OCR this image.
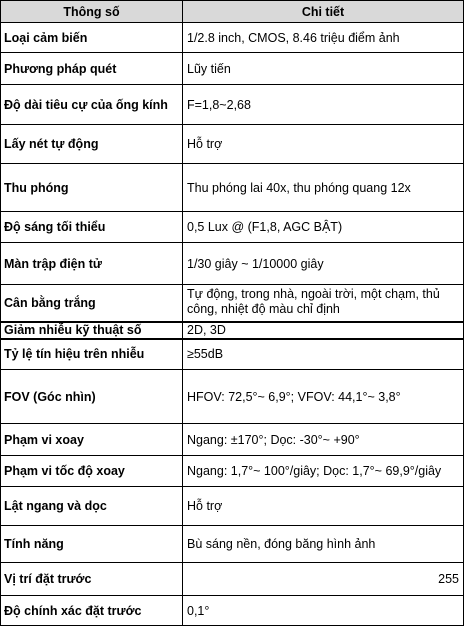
Thông số	Chi tiết
Loại cảm biến	1/2.8 inch, CMOS, 8.46 triệu điểm ảnh
Phương pháp quét	Lũy tiến
Độ dài tiêu cự của ống kính	F=1,8~2,68
Lấy nét tự động	Hỗ trợ
Thu phóng	Thu phóng lai 40x, thu phóng quang 12x
Độ sáng tối thiểu	0,5 Lux @ (F1,8, AGC BẬT)
Màn trập điện tử	1/30 giây ~ 1/10000 giây
Cân bằng trắng	Tự động, trong nhà, ngoài trời, một chạm, thủ công, nhiệt độ màu chỉ định
Giảm nhiễu kỹ thuật số	2D, 3D
Tỷ lệ tín hiệu trên nhiễu	≥55dB
FOV (Góc nhìn)	HFOV: 72,5°~ 6,9°; VFOV: 44,1°~ 3,8°
Phạm vi xoay	Ngang: ±170°; Dọc: -30°~ +90°
Phạm vi tốc độ xoay	Ngang: 1,7°~ 100°/giây; Dọc: 1,7°~ 69,9°/giây
Lật ngang và dọc	Hỗ trợ
Tính năng	Bù sáng nền, đóng băng hình ảnh
Vị trí đặt trước	255
Độ chính xác đặt trước	0,1°
